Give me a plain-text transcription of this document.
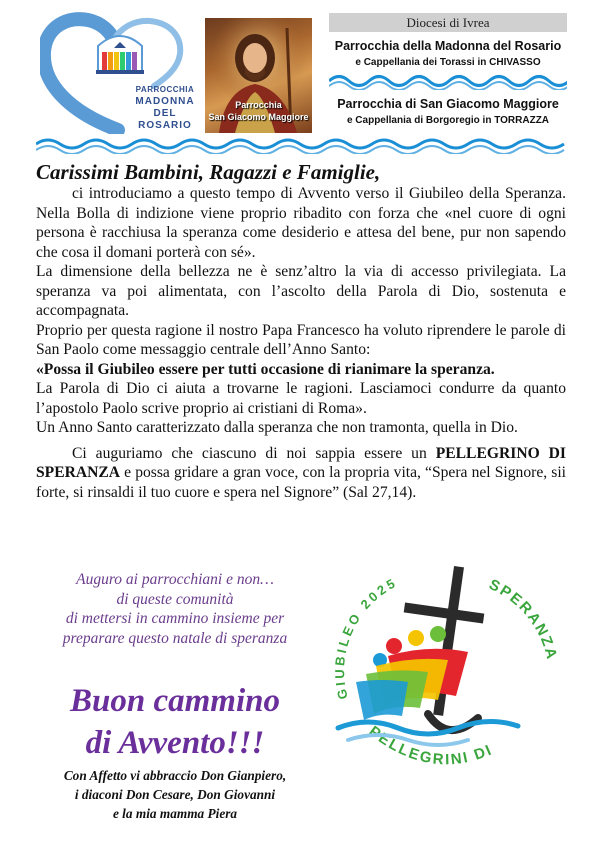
PARROCCHIA
MADONNA
DEL
ROSARIO
Parrocchia
San Giacomo Maggiore
Diocesi di Ivrea
Parrocchia della Madonna del Rosario
e Cappellania dei Torassi in CHIVASSO
Parrocchia di San Giacomo Maggiore
e Cappellania di Borgoregio in TORRAZZA
Carissimi Bambini, Ragazzi e Famiglie,

ci introduciamo a questo tempo di Avvento verso il Giubileo della Speranza. Nella Bolla di indizione viene proprio ribadito con forza che «nel cuore di ogni persona è racchiusa la speranza come desiderio e attesa del bene, pur non sapendo che cosa il domani porterà con sé».

La dimensione della bellezza ne è senz’altro la via di accesso privilegiata. La speranza va poi alimentata, con l’ascolto della Parola di Dio, sostenuta e accompagnata.

Proprio per questa ragione il nostro Papa Francesco ha voluto riprendere le parole di San Paolo come messaggio centrale dell’Anno Santo:

«Possa il Giubileo essere per tutti occasione di rianimare la speranza.
La Parola di Dio ci aiuta a trovarne le ragioni. Lasciamoci condurre da quanto l’apostolo Paolo scrive proprio ai cristiani di Roma».

Un Anno Santo caratterizzato dalla speranza che non tramonta, quella in Dio.

Ci auguriamo che ciascuno di noi sappia essere un PELLEGRINO DI SPERANZA e possa gridare a gran voce, con la propria vita, “Spera nel Signore, sii forte, si rinsaldi il tuo cuore e spera nel Signore” (Sal 27,14).

Auguro ai parrocchiani e non…
di queste comunità
di mettersi in cammino insieme per
preparare questo natale di speranza
Buon cammino
di Avvento!!!
Con Affetto vi abbraccio Don Gianpiero,
i diaconi Don Cesare, Don Giovanni
e la mia mamma Piera
GIUBILEO 2025
PELLEGRINI DI
SPERANZA
